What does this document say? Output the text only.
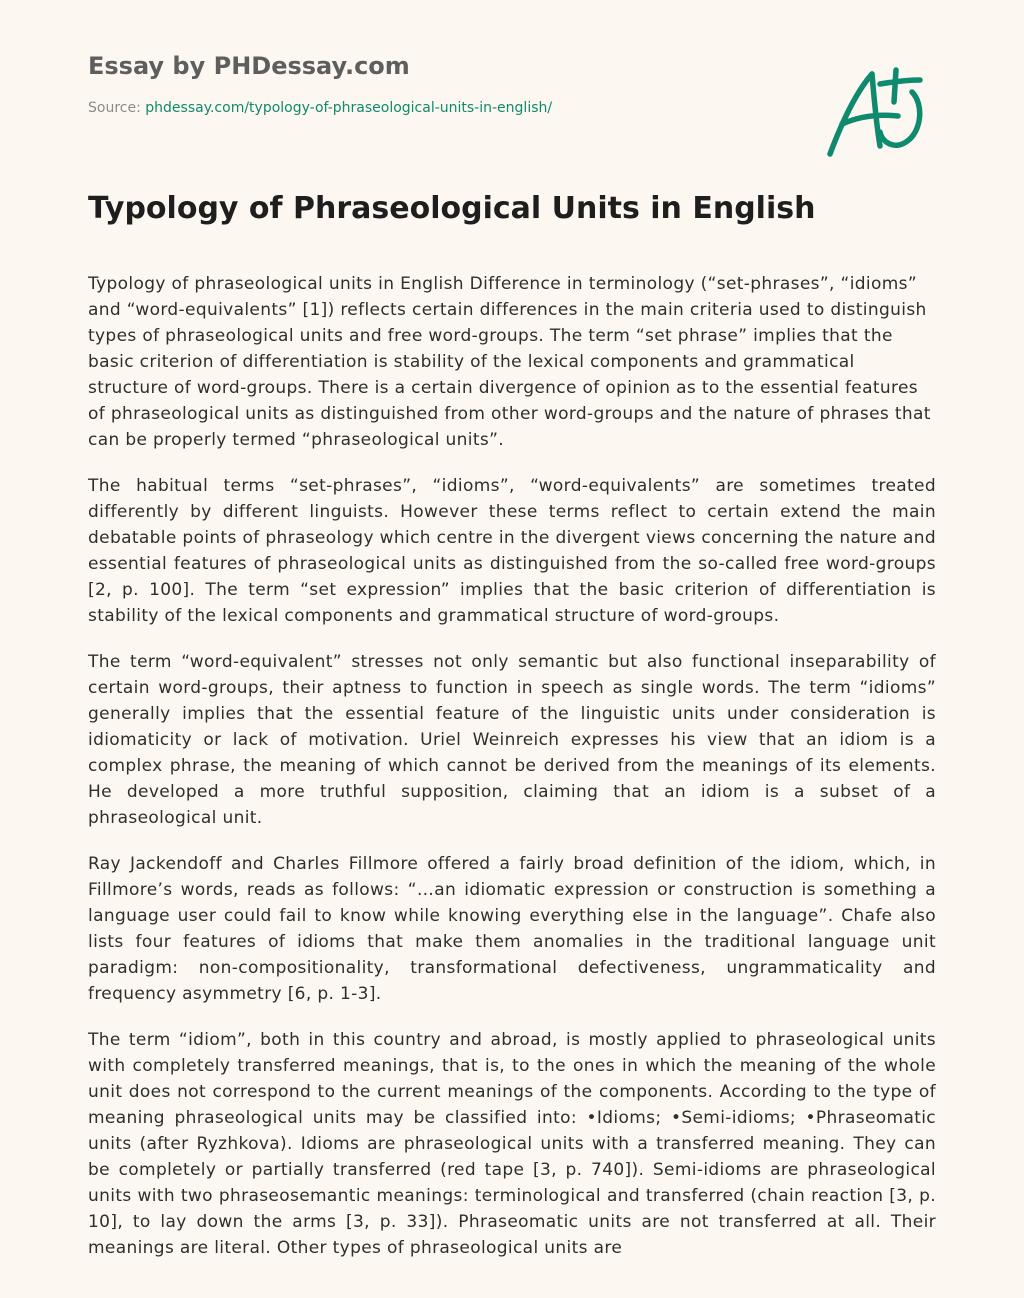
Essay by PHDessay.com
Source: phdessay.com/typology-of-phraseological-units-in-english/
Typology of Phraseological Units in English

Typology of phraseological units in English Difference in terminology (“set-phrases”, “idioms” and “word-equivalents” [1]) reflects certain differences in the main criteria used to distinguish types of phraseological units and free word-groups. The term “set phrase” implies that the basic criterion of differentiation is stability of the lexical components and grammatical structure of word-groups. There is a certain divergence of opinion as to the essential features of phraseological units as distinguished from other word-groups and the nature of phrases that can be properly termed “phraseological units”.

The habitual terms “set-phrases”, “idioms”, “word-equivalents” are sometimes treated differently by different linguists. However these terms reflect to certain extend the main debatable points of phraseology which centre in the divergent views concerning the nature and essential features of phraseological units as distinguished from the so-called free word-groups [2, p. 100]. The term “set expression” implies that the basic criterion of differentiation is stability of the lexical components and grammatical structure of word-groups.

The term “word-equivalent” stresses not only semantic but also functional inseparability of certain word-groups, their aptness to function in speech as single words. The term “idioms” generally implies that the essential feature of the linguistic units under consideration is idiomaticity or lack of motivation. Uriel Weinreich expresses his view that an idiom is a complex phrase, the meaning of which cannot be derived from the meanings of its elements. He developed a more truthful supposition, claiming that an idiom is a subset of a phraseological unit.

Ray Jackendoff and Charles Fillmore offered a fairly broad definition of the idiom, which, in Fillmore’s words, reads as follows: “…an idiomatic expression or construction is something a language user could fail to know while knowing everything else in the language”. Chafe also lists four features of idioms that make them anomalies in the traditional language unit paradigm: non-compositionality, transformational defectiveness, ungrammaticality and frequency asymmetry [6, p. 1-3].

The term “idiom”, both in this country and abroad, is mostly applied to phraseological units with completely transferred meanings, that is, to the ones in which the meaning of the whole unit does not correspond to the current meanings of the components. According to the type of meaning phraseological units may be classified into: •Idioms; •Semi-idioms; •Phraseomatic units (after Ryzhkova). Idioms are phraseological units with a transferred meaning. They can be completely or partially transferred (red tape [3, p. 740]). Semi-idioms are phraseological units with two phraseosemantic meanings: terminological and transferred (chain reaction [3, p. 10], to lay down the arms [3, p. 33]). Phraseomatic units are not transferred at all. Their meanings are literal. Other types of phraseological units are
